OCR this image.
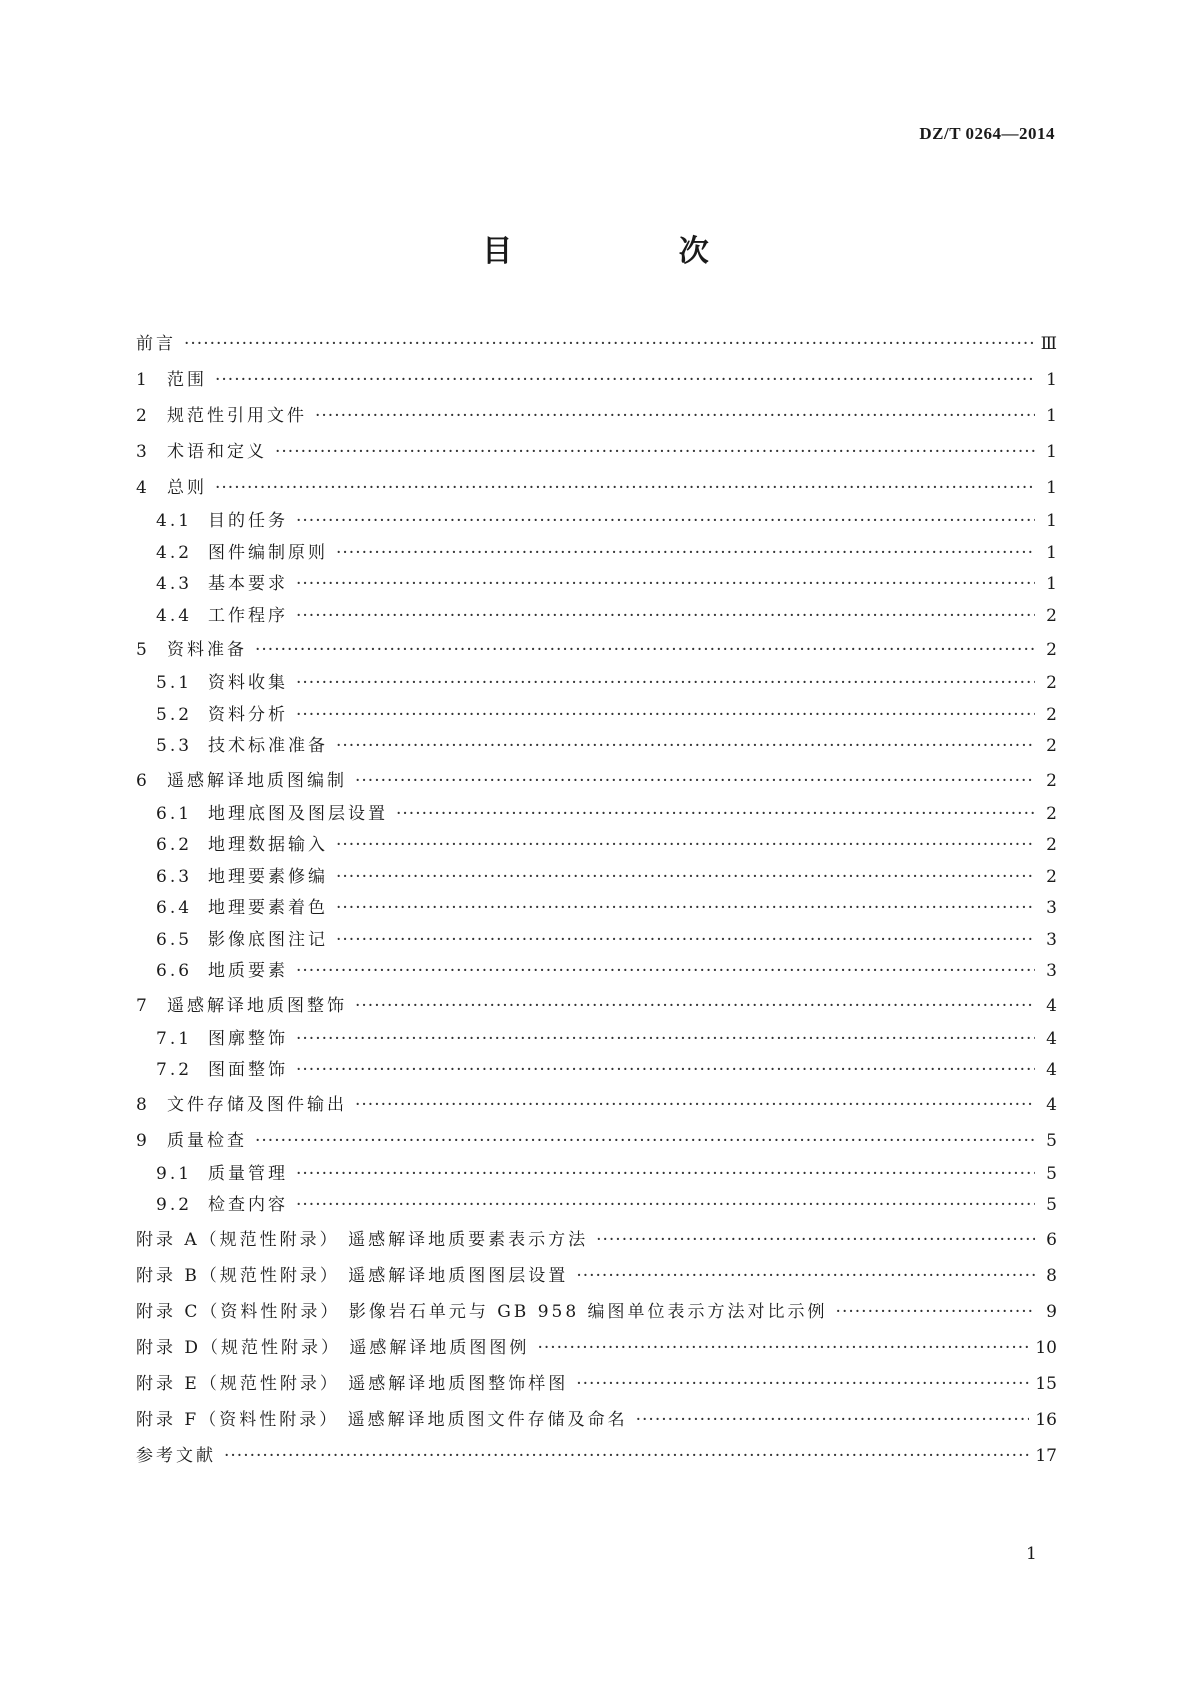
DZ/T 0264—2014
目	次
前言 ·····	Ⅲ
1	范围 ·····	1
2	规范性引用文件 ·····	1
3	术语和定义 ·····	1
4	总则 ·····	1
4.1 目的任务 ·····	1
4.2 图件编制原则 ·····	1
4.3 基本要求 ·····	1
4.4 工作程序 ·····	2
5	资料准备 ·····	2
5.1 资料收集 ·····	2
5.2 资料分析 ·····	2
5.3 技术标准准备 ·····	2
6	遥感解译地质图编制 ·····	2
6.1 地理底图及图层设置 ·····	2
6.2 地理数据输入 ·····	2
6.3 地理要素修编 ·····	2
6.4 地理要素着色 ·····	3
6.5 影像底图注记 ·····	3
6.6 地质要素 ·····	3
7	遥感解译地质图整饰 ·····	4
7.1 图廓整饰 ·····	4
7.2 图面整饰 ·····	4
8	文件存储及图件输出 ·····	4
9	质量检查 ·····	5
9.1 质量管理 ·····	5
9.2 检查内容 ·····	5
附录 A（规范性附录） 遥感解译地质要素表示方法 ·····	6
附录 B（规范性附录） 遥感解译地质图图层设置 ·····	8
附录 C（资料性附录） 影像岩石单元与 GB 958 编图单位表示方法对比示例 ·····	9
附录 D（规范性附录） 遥感解译地质图图例 ·····	10
附录 E（规范性附录） 遥感解译地质图整饰样图 ·····	15
附录 F（资料性附录） 遥感解译地质图文件存储及命名 ·····	16
参考文献 ·····	17
1
